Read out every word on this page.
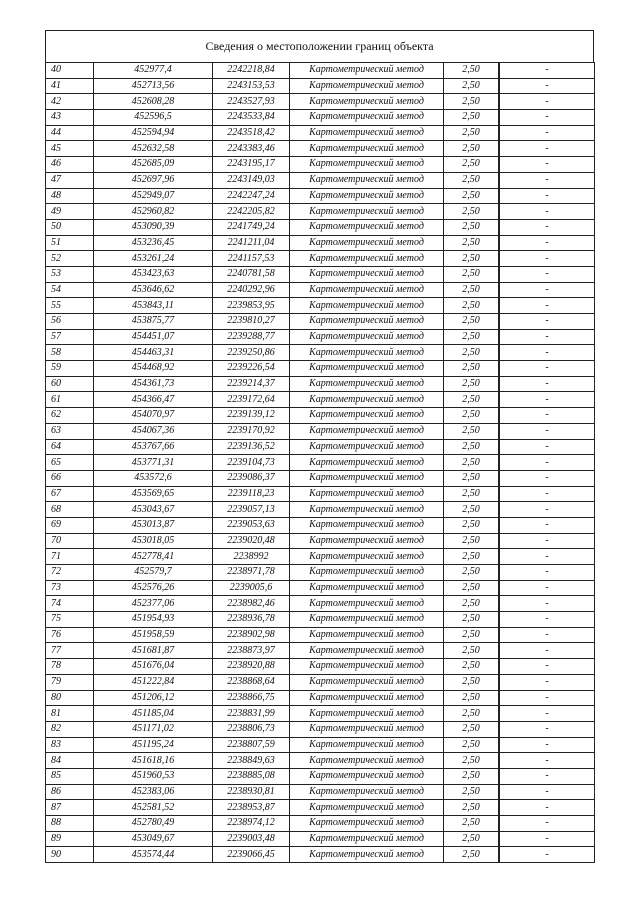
Сведения о местоположении границ объекта
40	452977,4	2242218,84	Картометрический метод	2,50		-
41	452713,56	2243153,53	Картометрический метод	2,50		-
42	452608,28	2243527,93	Картометрический метод	2,50		-
43	452596,5	2243533,84	Картометрический метод	2,50		-
44	452594,94	2243518,42	Картометрический метод	2,50		-
45	452632,58	2243383,46	Картометрический метод	2,50		-
46	452685,09	2243195,17	Картометрический метод	2,50		-
47	452697,96	2243149,03	Картометрический метод	2,50		-
48	452949,07	2242247,24	Картометрический метод	2,50		-
49	452960,82	2242205,82	Картометрический метод	2,50		-
50	453090,39	2241749,24	Картометрический метод	2,50		-
51	453236,45	2241211,04	Картометрический метод	2,50		-
52	453261,24	2241157,53	Картометрический метод	2,50		-
53	453423,63	2240781,58	Картометрический метод	2,50		-
54	453646,62	2240292,96	Картометрический метод	2,50		-
55	453843,11	2239853,95	Картометрический метод	2,50		-
56	453875,77	2239810,27	Картометрический метод	2,50		-
57	454451,07	2239288,77	Картометрический метод	2,50		-
58	454463,31	2239250,86	Картометрический метод	2,50		-
59	454468,92	2239226,54	Картометрический метод	2,50		-
60	454361,73	2239214,37	Картометрический метод	2,50		-
61	454366,47	2239172,64	Картометрический метод	2,50		-
62	454070,97	2239139,12	Картометрический метод	2,50		-
63	454067,36	2239170,92	Картометрический метод	2,50		-
64	453767,66	2239136,52	Картометрический метод	2,50		-
65	453771,31	2239104,73	Картометрический метод	2,50		-
66	453572,6	2239086,37	Картометрический метод	2,50		-
67	453569,65	2239118,23	Картометрический метод	2,50		-
68	453043,67	2239057,13	Картометрический метод	2,50		-
69	453013,87	2239053,63	Картометрический метод	2,50		-
70	453018,05	2239020,48	Картометрический метод	2,50		-
71	452778,41	2238992	Картометрический метод	2,50		-
72	452579,7	2238971,78	Картометрический метод	2,50		-
73	452576,26	2239005,6	Картометрический метод	2,50		-
74	452377,06	2238982,46	Картометрический метод	2,50		-
75	451954,93	2238936,78	Картометрический метод	2,50		-
76	451958,59	2238902,98	Картометрический метод	2,50		-
77	451681,87	2238873,97	Картометрический метод	2,50		-
78	451676,04	2238920,88	Картометрический метод	2,50		-
79	451222,84	2238868,64	Картометрический метод	2,50		-
80	451206,12	2238866,75	Картометрический метод	2,50		-
81	451185,04	2238831,99	Картометрический метод	2,50		-
82	451171,02	2238806,73	Картометрический метод	2,50		-
83	451195,24	2238807,59	Картометрический метод	2,50		-
84	451618,16	2238849,63	Картометрический метод	2,50		-
85	451960,53	2238885,08	Картометрический метод	2,50		-
86	452383,06	2238930,81	Картометрический метод	2,50		-
87	452581,52	2238953,87	Картометрический метод	2,50		-
88	452780,49	2238974,12	Картометрический метод	2,50		-
89	453049,67	2239003,48	Картометрический метод	2,50		-
90	453574,44	2239066,45	Картометрический метод	2,50		-
